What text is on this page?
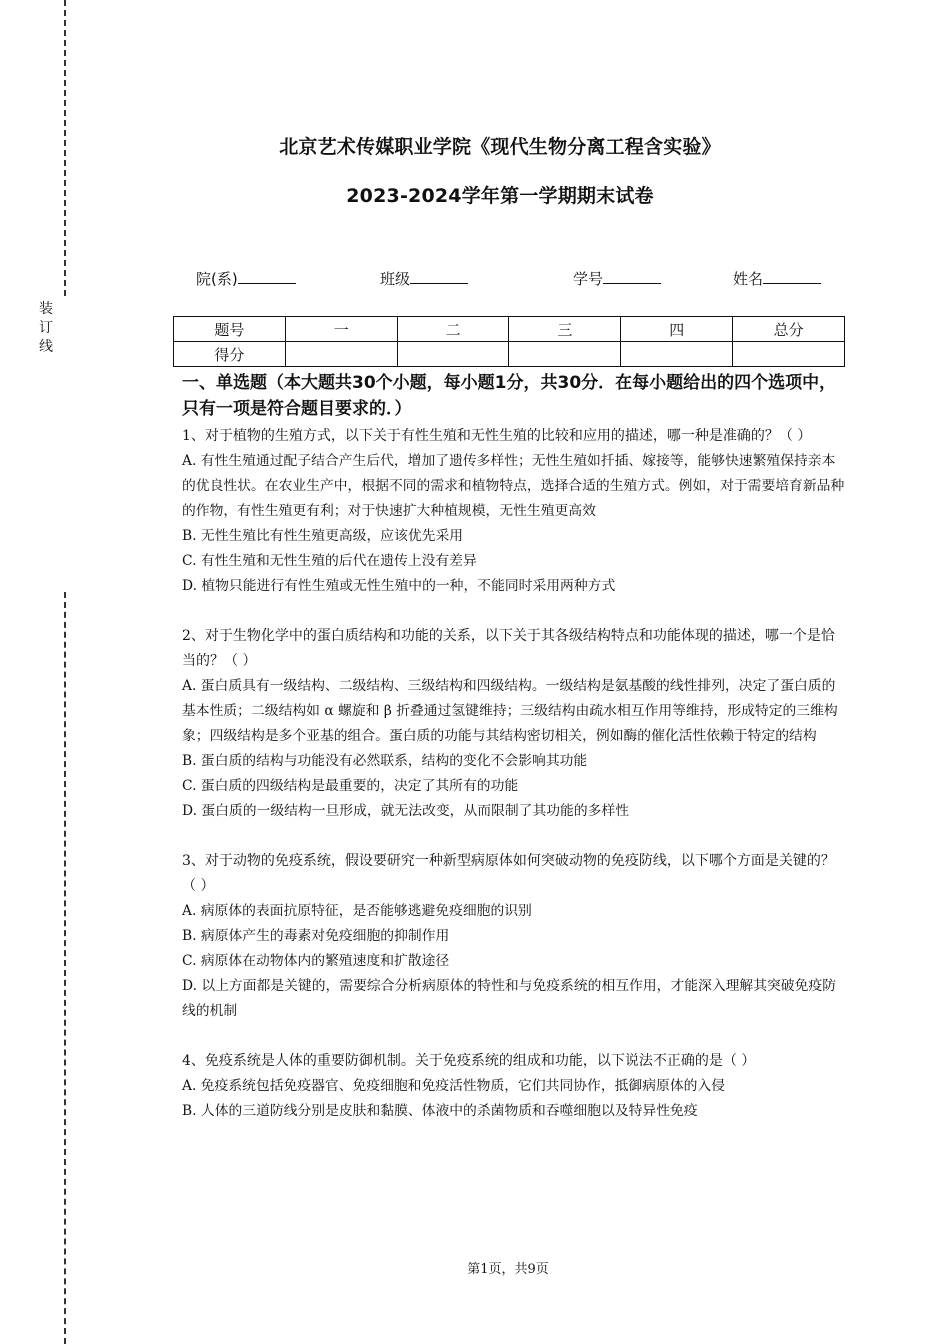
装
订
线
北京艺术传媒职业学院《现代生物分离工程含实验》
2023-2024学年第一学期期末试卷
院(系)	班级	学号	姓名
题号	一	二	三	四	总分
得分					
一、单选题（本大题共30个小题，每小题1分，共30分．在每小题给出的四个选项中，只有一项是符合题目要求的．）

1、对于植物的生殖方式，以下关于有性生殖和无性生殖的比较和应用的描述，哪一种是准确的？（ ）

A. 有性生殖通过配子结合产生后代，增加了遗传多样性；无性生殖如扦插、嫁接等，能够快速繁殖保持亲本的优良性状。在农业生产中，根据不同的需求和植物特点，选择合适的生殖方式。例如，对于需要培育新品种的作物，有性生殖更有利；对于快速扩大种植规模，无性生殖更高效

B. 无性生殖比有性生殖更高级，应该优先采用

C. 有性生殖和无性生殖的后代在遗传上没有差异

D. 植物只能进行有性生殖或无性生殖中的一种，不能同时采用两种方式

2、对于生物化学中的蛋白质结构和功能的关系，以下关于其各级结构特点和功能体现的描述，哪一个是恰当的？（ ）

A. 蛋白质具有一级结构、二级结构、三级结构和四级结构。一级结构是氨基酸的线性排列，决定了蛋白质的基本性质；二级结构如 α 螺旋和 β 折叠通过氢键维持；三级结构由疏水相互作用等维持，形成特定的三维构象；四级结构是多个亚基的组合。蛋白质的功能与其结构密切相关，例如酶的催化活性依赖于特定的结构

B. 蛋白质的结构与功能没有必然联系，结构的变化不会影响其功能

C. 蛋白质的四级结构是最重要的，决定了其所有的功能

D. 蛋白质的一级结构一旦形成，就无法改变，从而限制了其功能的多样性

3、对于动物的免疫系统，假设要研究一种新型病原体如何突破动物的免疫防线，以下哪个方面是关键的？（ ）

A. 病原体的表面抗原特征，是否能够逃避免疫细胞的识别

B. 病原体产生的毒素对免疫细胞的抑制作用

C. 病原体在动物体内的繁殖速度和扩散途径

D. 以上方面都是关键的，需要综合分析病原体的特性和与免疫系统的相互作用，才能深入理解其突破免疫防线的机制

4、免疫系统是人体的重要防御机制。关于免疫系统的组成和功能，以下说法不正确的是（ ）

A. 免疫系统包括免疫器官、免疫细胞和免疫活性物质，它们共同协作，抵御病原体的入侵

B. 人体的三道防线分别是皮肤和黏膜、体液中的杀菌物质和吞噬细胞以及特异性免疫

第1页，共9页
